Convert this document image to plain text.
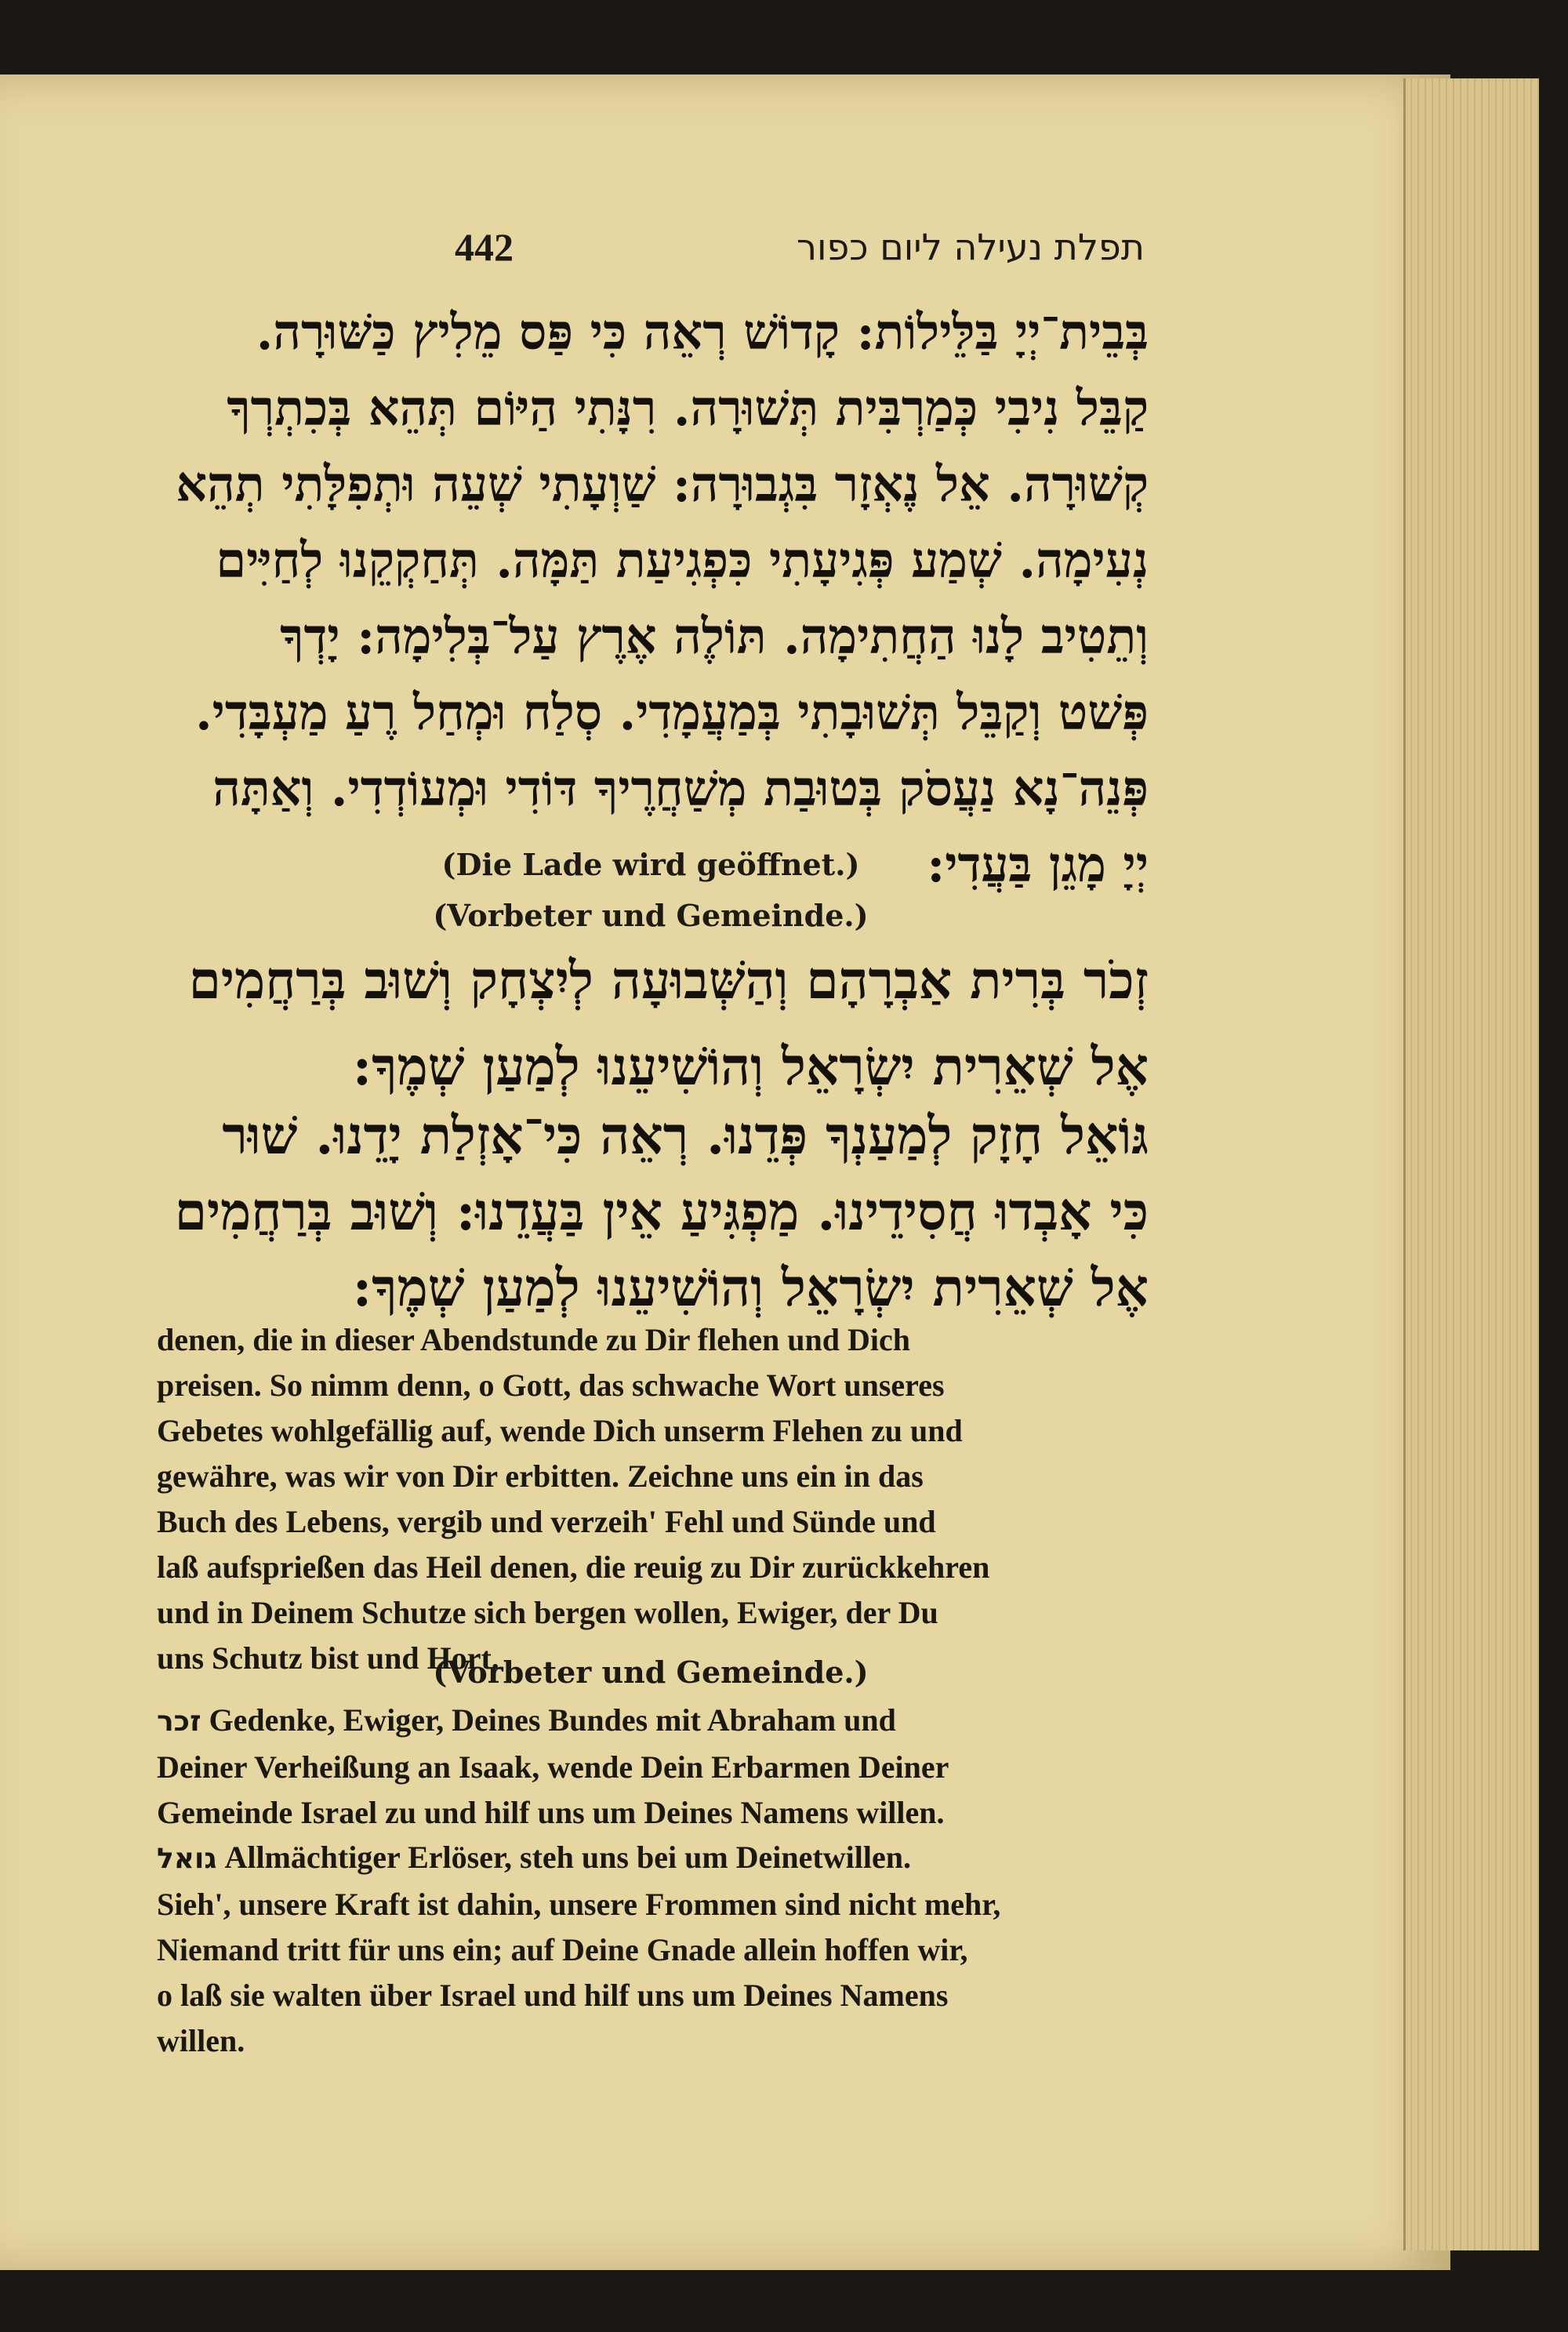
442	תפלת נעילה ליום כפור
בְּבֵית־יְיָ בַּלֵּילוֹת: קָדוֹשׁ רְאֵה כִּי פַּס מֵלִיץ כַּשּׁוּרָה.
קַבֵּל נִיבִי כְּמַרְבִּית תְּשׁוּרָה. רִנָּתִי הַיּוֹם תְּהֵא בְּכִתְרְךָ
קְשׁוּרָה. אֵל נֶאְזָר בִּגְבוּרָה: שַׁוְעָתִי שְׁעֵה וּתְפִלָּתִי תְהֵא
נְעִימָה. שְׁמַע פְּגִיעָתִי כִּפְגִיעַת תַּמָּה. תְּחַקְקֵנוּ לְחַיִּים
וְתֵטִיב לָנוּ הַחֲתִימָה. תּוֹלֶה אֶרֶץ עַל־בְּלִימָה: יָדְךָ
פְּשׁט וְקַבֵּל תְּשׁוּבָתִי בְּמַעֲמָדִי. סְלַח וּמְחַל רֶעַ מַעְבָּדִי.
פְּנֵה־נָא נַעֲסֹק בְּטוּבַת מְשַׁחֲרֶיךָ דּוֹדִי וּמְעוֹדְדִי. וְאַתָּה
יְיָ מָגֵן בַּעֲדִי:
(Die Lade wird geöffnet.)
(Vorbeter und Gemeinde.)
זְכֹר בְּרִית אַבְרָהָם וְהַשְּׁבוּעָה לְיִצְחָק וְשׁוּב בְּרַחֲמִים
אֶל שְׁאֵרִית יִשְׂרָאֵל וְהוֹשִׁיעֵנוּ לְמַעַן שְׁמֶךָ:
גּוֹאֵל חָזָק לְמַעַנְךָ פְּדֵנוּ. רְאֵה כִּי־אָזְלַת יָדֵנוּ. שׁוּר
כִּי אָבְדוּ חֲסִידֵינוּ. מַפְגִּיעַ אֵין בַּעֲדֵנוּ: וְשׁוּב בְּרַחֲמִים
אֶל שְׁאֵרִית יִשְׂרָאֵל וְהוֹשִׁיעֵנוּ לְמַעַן שְׁמֶךָ:
denen, die in dieser Abendstunde zu Dir flehen und Dich
preisen. So nimm denn, o Gott, das schwache Wort unseres
Gebetes wohlgefällig auf, wende Dich unserm Flehen zu und
gewähre, was wir von Dir erbitten. Zeichne uns ein in das
Buch des Lebens, vergib und verzeih' Fehl und Sünde und
laß aufsprießen das Heil denen, die reuig zu Dir zurückkehren
und in Deinem Schutze sich bergen wollen, Ewiger, der Du
uns Schutz bist und Hort.
(Vorbeter und Gemeinde.)
זכר Gedenke, Ewiger, Deines Bundes mit Abraham und
Deiner Verheißung an Isaak, wende Dein Erbarmen Deiner
Gemeinde Israel zu und hilf uns um Deines Namens willen.
גואל Allmächtiger Erlöser, steh uns bei um Deinetwillen.
Sieh', unsere Kraft ist dahin, unsere Frommen sind nicht mehr,
Niemand tritt für uns ein; auf Deine Gnade allein hoffen wir,
o laß sie walten über Israel und hilf uns um Deines Namens
willen.
